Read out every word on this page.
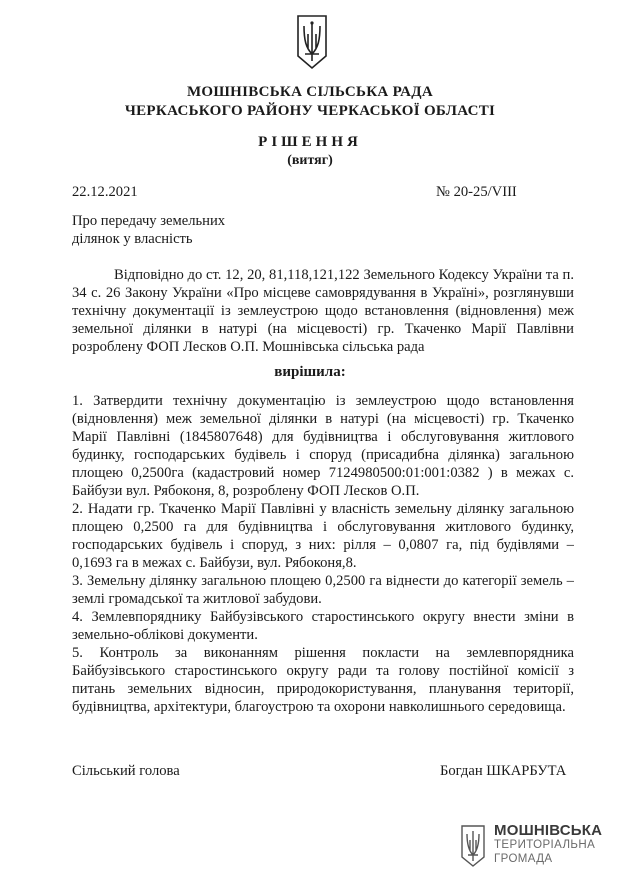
МОШНІВСЬКА СІЛЬСЬКА РАДА
ЧЕРКАСЬКОГО РАЙОНУ ЧЕРКАСЬКОЇ ОБЛАСТІ
РІШЕННЯ
(витяг)
22.12.2021	№ 20-25/VIII
Про передачу земельних
ділянок у власність
Відповідно до ст. 12, 20, 81,118,121,122 Земельного Кодексу України та п.
34 с. 26 Закону України «Про місцеве самоврядування в Україні», розглянувши
технічну документації із землеустрою щодо встановлення (відновлення) меж
земельної ділянки в натурі (на місцевості) гр. Ткаченко Марії Павлівни
розроблену ФОП Лесков О.П. Мошнівська сільська рада
вирішила:
1. Затвердити технічну документацію із землеустрою щодо встановлення
(відновлення) меж земельної ділянки в натурі (на місцевості) гр. Ткаченко
Марії Павлівні (1845807648) для будівництва і обслуговування житлового
будинку, господарських будівель і споруд (присадибна ділянка) загальною
площею 0,2500га (кадастровий номер 7124980500:01:001:0382 ) в межах с.
Байбузи вул. Рябоконя, 8, розроблену ФОП Лесков О.П.
2. Надати гр. Ткаченко Марії Павлівні у власність земельну ділянку загальною
площею 0,2500 га для будівництва і обслуговування житлового будинку,
господарських будівель і споруд, з них: рілля – 0,0807 га, під будівлями –
0,1693 га в межах с. Байбузи, вул. Рябоконя,8.
3. Земельну ділянку загальною площею 0,2500 га віднести до категорії земель –
землі громадської та житлової забудови.
4. Землевпоряднику Байбузівського старостинського округу внести зміни в
земельно-облікові документи.
5. Контроль за виконанням рішення покласти на землевпорядника
Байбузівського старостинського округу ради та голову постійної комісії з
питань земельних відносин, природокористування, планування території,
будівництва, архітектури, благоустрою та охорони навколишнього середовища.
Сільський голова	Богдан ШКАРБУТА
МОШНІВСЬКА
ТЕРИТОРІАЛЬНА
ГРОМАДА
